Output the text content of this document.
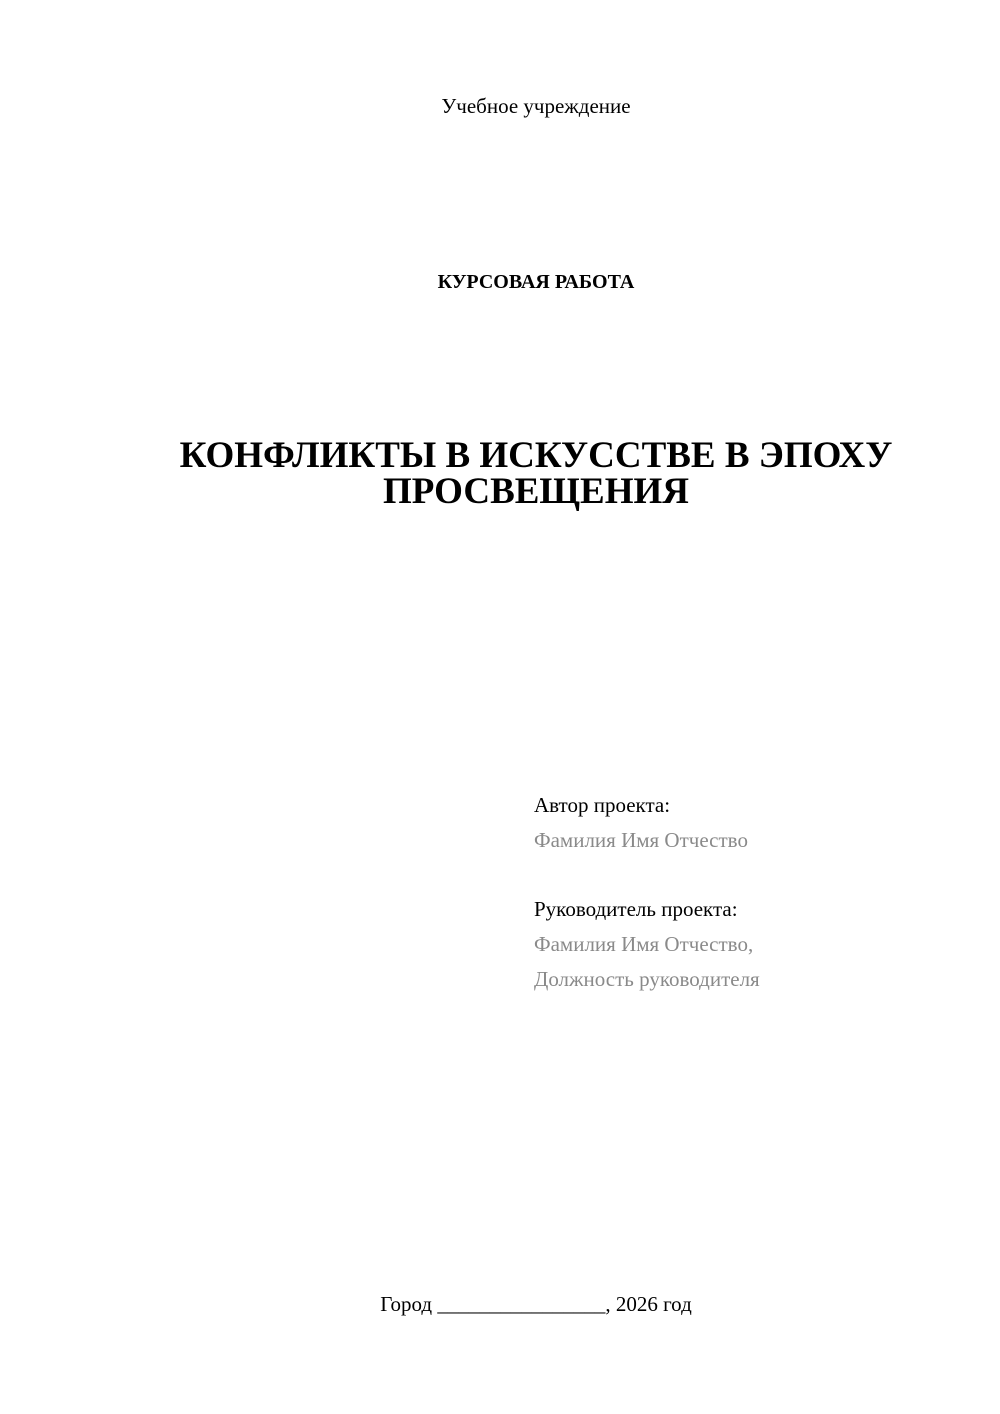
Учебное учреждение
КУРСОВАЯ РАБОТА
КОНФЛИКТЫ В ИСКУССТВЕ В ЭПОХУ
ПРОСВЕЩЕНИЯ
Автор проекта:
Фамилия Имя Отчество
Руководитель проекта:
Фамилия Имя Отчество,
Должность руководителя
Город ________________, 2026 год
